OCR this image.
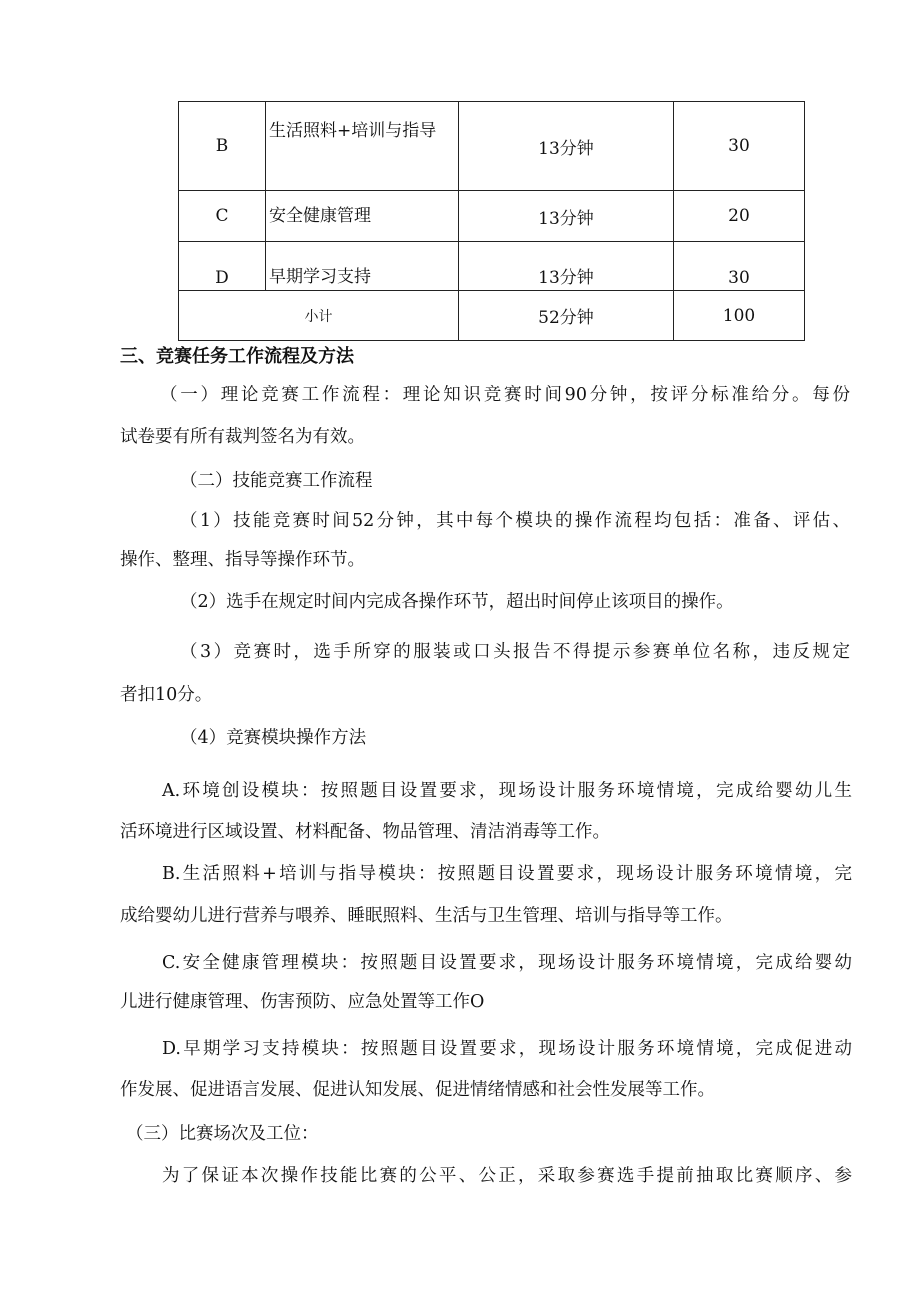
B	生活照料+培训与指导	13分钟	30
C	安全健康管理	13分钟	20
D	早期学习支持	13分钟	30
小计		52分钟	100

三、竞赛任务工作流程及方法

（一）理论竞赛工作流程：理论知识竞赛时间90分钟，按评分标准给分。每份

试卷要有所有裁判签名为有效。

（二）技能竞赛工作流程

（1）技能竞赛时间52分钟，其中每个模块的操作流程均包括：准备、评估、

操作、整理、指导等操作环节。

（2）选手在规定时间内完成各操作环节，超出时间停止该项目的操作。

（3）竞赛时，选手所穿的服装或口头报告不得提示参赛单位名称，违反规定

者扣10分。

（4）竞赛模块操作方法

A.环境创设模块：按照题目设置要求，现场设计服务环境情境，完成给婴幼儿生

活环境进行区域设置、材料配备、物品管理、清洁消毒等工作。

B.生活照料+培训与指导模块：按照题目设置要求，现场设计服务环境情境，完

成给婴幼儿进行营养与喂养、睡眠照料、生活与卫生管理、培训与指导等工作。

C.安全健康管理模块：按照题目设置要求，现场设计服务环境情境，完成给婴幼

儿进行健康管理、伤害预防、应急处置等工作O

D.早期学习支持模块：按照题目设置要求，现场设计服务环境情境，完成促进动

作发展、促进语言发展、促进认知发展、促进情绪情感和社会性发展等工作。

（三）比赛场次及工位：

为了保证本次操作技能比赛的公平、公正，采取参赛选手提前抽取比赛顺序、参
